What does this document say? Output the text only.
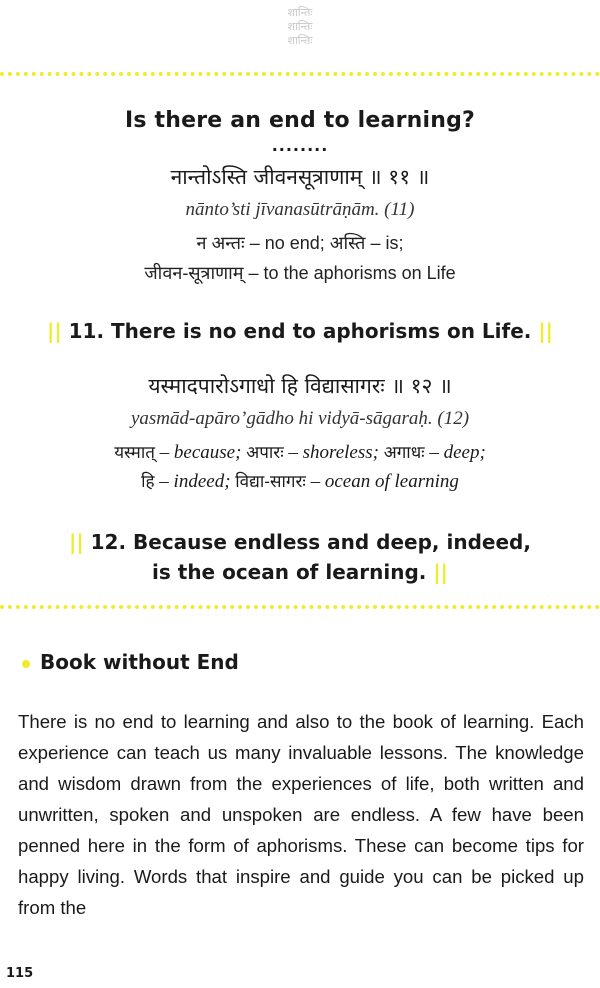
शान्तिः
शान्तिः
शान्तिः
Is there an end to learning?
........
नान्तोऽस्ति जीवनसूत्राणाम् ॥ ११ ॥
nānto’sti jīvanasūtrāṇām. (11)
न अन्तः – no end; अस्ति – is;
जीवन-सूत्राणाम् – to the aphorisms on Life
|| 11. There is no end to aphorisms on Life. ||
यस्मादपारोऽगाधो हि विद्यासागरः ॥ १२ ॥
yasmād-apāro’gādho hi vidyā-sāgaraḥ. (12)
यस्मात् – because; अपारः – shoreless; अगाधः – deep;
हि – indeed; विद्या-सागरः – ocean of learning
|| 12. Because endless and deep, indeed,
is the ocean of learning. ||
Book without End
There is no end to learning and also to the book of learning. Each experience can teach us many invaluable lessons. The knowledge and wisdom drawn from the experiences of life, both written and unwritten, spoken and unspoken are endless. A few have been penned here in the form of aphorisms. These can become tips for happy living. Words that inspire and guide you can be picked up from the
115
